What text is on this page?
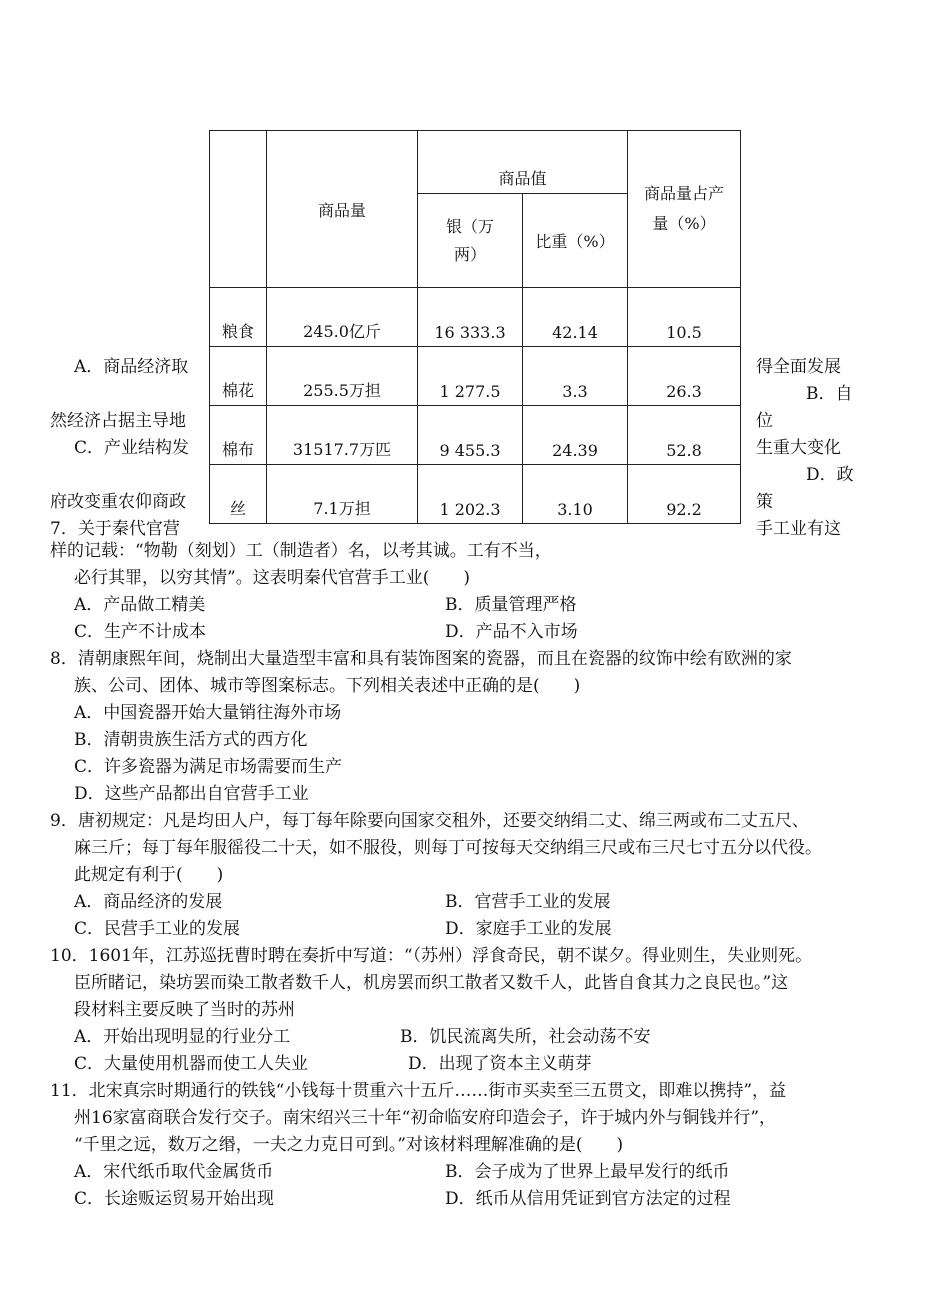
	商品量	商品值		商品量占产
量（%）

		银（万
两）	比重（%）	
粮食	245.0亿斤	16 333.3	42.14	10.5
棉花	255.5万担	1 277.5	3.3	26.3
棉布	31517.7万匹	9 455.3	24.39	52.8
丝	7.1万担	1 202.3	3.10	92.2
A．商品经济取	得全面发展
B．自
然经济占据主导地	位
C．产业结构发	生重大变化
D．政
府改变重农仰商政	策
7．关于秦代官营	手工业有这
样的记载：“物勒（刻划）工（制造者）名，以考其诚。工有不当，
必行其罪，以穷其情”。这表明秦代官营手工业(　　)
A．产品做工精美	B．质量管理严格
C．生产不计成本	D．产品不入市场
8．清朝康熙年间，烧制出大量造型丰富和具有装饰图案的瓷器，而且在瓷器的纹饰中绘有欧洲的家
族、公司、团体、城市等图案标志。下列相关表述中正确的是(　　)
A．中国瓷器开始大量销往海外市场
B．清朝贵族生活方式的西方化
C．许多瓷器为满足市场需要而生产
D．这些产品都出自官营手工业
9．唐初规定：凡是均田人户，每丁每年除要向国家交租外，还要交纳绢二丈、绵三两或布二丈五尺、
麻三斤；每丁每年服徭役二十天，如不服役，则每丁可按每天交纳绢三尺或布三尺七寸五分以代役。
此规定有利于(　　)
A．商品经济的发展	B．官营手工业的发展
C．民营手工业的发展	D．家庭手工业的发展
10．1601年，江苏巡抚曹时聘在奏折中写道：“（苏州）浮食奇民，朝不谋夕。得业则生，失业则死。
臣所睹记，染坊罢而染工散者数千人，机房罢而织工散者又数千人，此皆自食其力之良民也。”这
段材料主要反映了当时的苏州
A．开始出现明显的行业分工	B．饥民流离失所，社会动荡不安
C．大量使用机器而使工人失业	D．出现了资本主义萌芽
11．北宋真宗时期通行的铁钱“小钱每十贯重六十五斤……街市买卖至三五贯文，即难以携持”，益
州16家富商联合发行交子。南宋绍兴三十年“初命临安府印造会子，许于城内外与铜钱并行”，
“千里之远，数万之缗，一夫之力克日可到。”对该材料理解准确的是(　　)
A．宋代纸币取代金属货币	B．会子成为了世界上最早发行的纸币
C．长途贩运贸易开始出现	D．纸币从信用凭证到官方法定的过程
